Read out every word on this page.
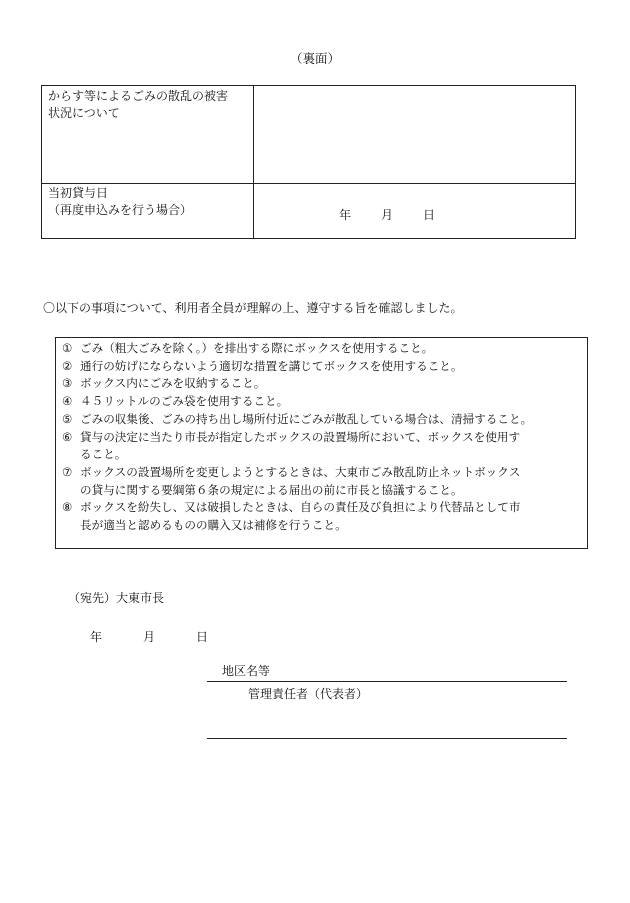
（裏面）
からす等によるごみの散乱の被害
状況について
当初貸与日
（再度申込みを行う場合）	年 月 日
〇以下の事項について、利用者全員が理解の上、遵守する旨を確認しました。
① ごみ（粗大ごみを除く。）を排出する際にボックスを使用すること。
② 通行の妨げにならないよう適切な措置を講じてボックスを使用すること。
③ ボックス内にごみを収納すること。
④ ４５リットルのごみ袋を使用すること。
⑤ ごみの収集後、ごみの持ち出し場所付近にごみが散乱している場合は、清掃すること。
⑥ 貸与の決定に当たり市長が指定したボックスの設置場所において、ボックスを使用す
ること。
⑦ ボックスの設置場所を変更しようとするときは、大東市ごみ散乱防止ネットボックス
の貸与に関する要綱第６条の規定による届出の前に市長と協議すること。
⑧ ボックスを紛失し、又は破損したときは、自らの責任及び負担により代替品として市
長が適当と認めるものの購入又は補修を行うこと。
（宛先）大東市長
年	月	日
地区名等
管理責任者（代表者）
